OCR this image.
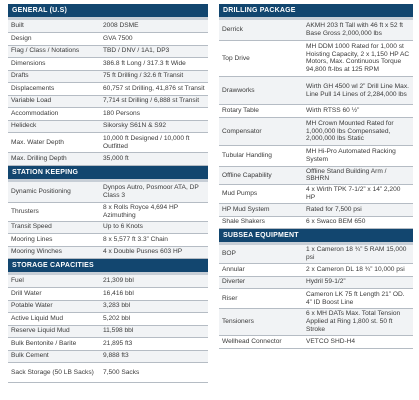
GENERAL (U.S)
Built	2008 DSME
Design	GVA 7500
Flag / Class / Notations	TBD / DNV / 1A1, DP3
Dimensions	386.8 ft Long / 317.3 ft Wide
Drafts	75 ft Drilling / 32.6 ft Transit
Displacements	60,757 st Drilling, 41,876 st Transit
Variable Load	7,714 st Drilling / 6,888 st Transit
Accommodation	180 Persons
Helideck	Sikorsky S61N & S92
Max. Water Depth	10,000 ft Designed / 10,000 ft Outfitted
Max. Drilling Depth	35,000 ft
STATION KEEPING
Dynamic Positioning	Dynpos Autro, Posmoor ATA, DP Class 3
Thrusters	8 x Rolls Royce 4,694 HP Azimuthing
Transit Speed	Up to 6 Knots
Mooring Lines	8 x 5,577 ft 3.3” Chain
Mooring Winches	4 x Double Pusnes 603 HP
STORAGE CAPACITIES
Fuel	21,309 bbl
Drill Water	16,416 bbl
Potable Water	3,283 bbl
Active Liquid Mud	5,202 bbl
Reserve Liquid Mud	11,598 bbl
Bulk Bentonite / Barite	21,895 ft3
Bulk Cement	9,888 ft3
Sack Storage (50 LB Sacks)	7,500 Sacks
DRILLING PACKAGE
Derrick	AKMH 203 ft Tall with 46 ft x 52 ft Base Gross 2,000,000 lbs
Top Drive	MH DDM 1000 Rated for 1,000 st Hoisting Capacity, 2 x 1,150 HP AC Motors, Max. Continuous Torque 94,800 ft-lbs at 125 RPM
Drawworks	Wirth GH 4500 wl 2” Drill Line Max. Line Pull 14 Lines of 2,284,000 lbs
Rotary Table	Wirth RTSS 60 ½”
Compensator	MH Crown Mounted Rated for 1,000,000 lbs Compensated, 2,000,000 lbs Static
Tubular Handling	MH Hi-Pro Automated Racking System
Offline Capability	Offline Stand Building Arm / SBHRN
Mud Pumps	4 x Wirth TPK 7-1/2” x 14” 2,200 HP
HP Mud System	Rated for 7,500 psi
Shale Shakers	6 x Swaco BEM 650
SUBSEA EQUIPMENT
BOP	1 x Cameron 18 ¾” 5 RAM 15,000 psi
Annular	2 x Cameron DL 18 ¾” 10,000 psi
Diverter	Hydril 59-1/2”
Riser	Cameron LK 75 ft Length 21” OD. 4” ID Boost Line
Tensioners	6 x MH DATs Max. Total Tension Applied at Ring 1,800 st. 50 ft Stroke
Wellhead Connector	VETCO SHD-H4
